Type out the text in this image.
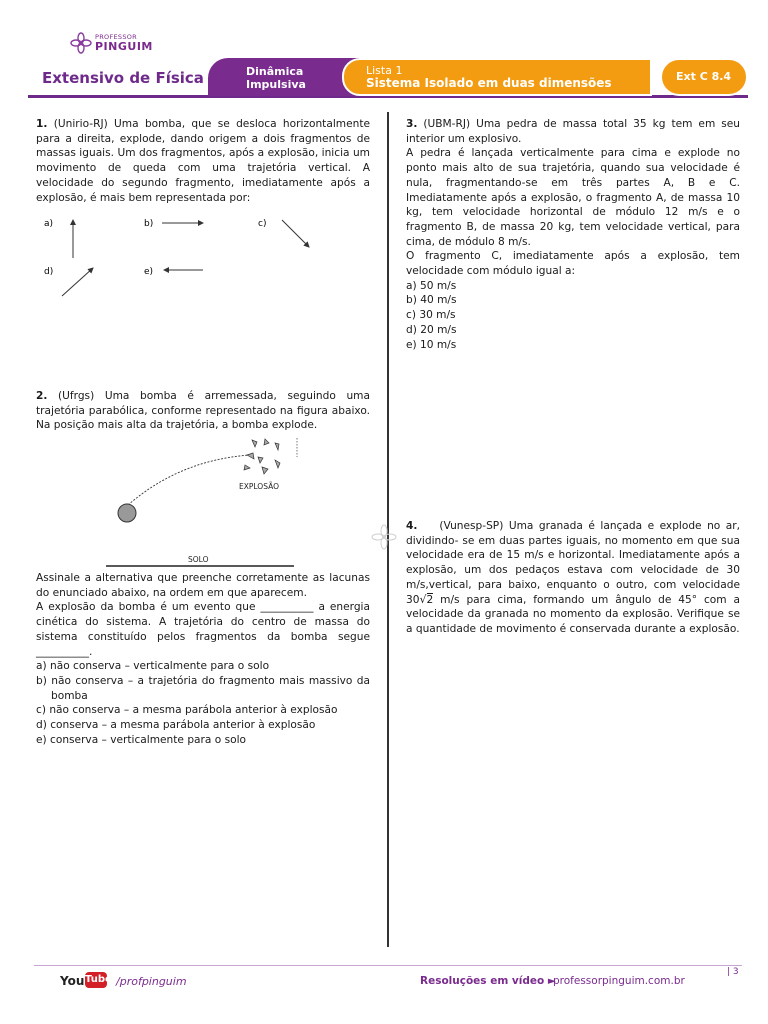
PROFESSOR
PINGUIM
Extensivo de Física	Dinâmica
Impulsiva
Lista 1
Sistema Isolado em duas dimensões	Ext C 8.4

1. (Unirio-RJ) Uma bomba, que se desloca horizontalmente para a direita, explode, dando origem a dois fragmentos de massas iguais. Um dos fragmentos, após a explosão, inicia um movimento de queda com uma trajetória vertical. A velocidade do segundo fragmento, imediatamente após a explosão, é mais bem representada por:

a)	b)	c)
d)	e)

2. (Ufrgs) Uma bomba é arremessada, seguindo uma trajetória parabólica, conforme representado na figura abaixo. Na posição mais alta da trajetória, a bomba explode.

EXPLOSÃO
SOLO

Assinale a alternativa que preenche corretamente as lacunas do enunciado abaixo, na ordem em que aparecem.

A explosão da bomba é um evento que __________ a energia cinética do sistema. A trajetória do centro de massa do sistema constituído pelos fragmentos da bomba segue __________.

a) não conserva – verticalmente para o solo

b) não conserva – a trajetória do fragmento mais massivo da bomba

c) não conserva – a mesma parábola anterior à explosão

d) conserva – a mesma parábola anterior à explosão

e) conserva – verticalmente para o solo

3. (UBM-RJ) Uma pedra de massa total 35 kg tem em seu interior um explosivo.

A pedra é lançada verticalmente para cima e explode no ponto mais alto de sua trajetória, quando sua velocidade é nula, fragmentando-se em três partes A, B e C. Imediatamente após a explosão, o fragmento A, de massa 10 kg, tem velocidade horizontal de módulo 12 m/s e o fragmento B, de massa 20 kg, tem velocidade vertical, para cima, de módulo 8 m/s.

O fragmento C, imediatamente após a explosão, tem velocidade com módulo igual a:

a) 50 m/s

b) 40 m/s

c) 30 m/s

d) 20 m/s

e) 10 m/s

4. (Vunesp-SP) Uma granada é lançada e explode no ar, dividindo- se em duas partes iguais, no momento em que sua velocidade era de 15 m/s e horizontal. Imediatamente após a explosão, um dos pedaços estava com velocidade de 30 m/s,vertical, para baixo, enquanto o outro, com velocidade 30√2 m/s para cima, formando um ângulo de 45° com a velocidade da granada no momento da explosão. Verifique se a quantidade de movimento é conservada durante a explosão.

You Tube /profpinguim	Resoluções em vídeo ►
professorpinguim.com.br
| 3
